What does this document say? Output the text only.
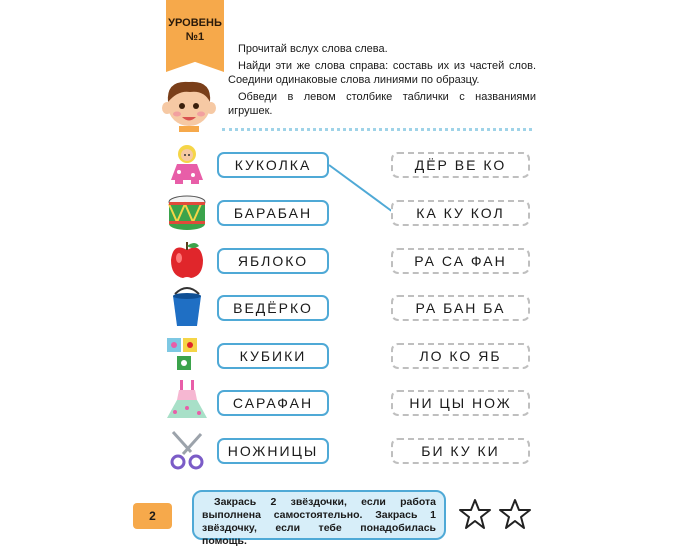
УРОВЕНЬ
№1

Прочитай вслух слова слева.

Найди эти же слова справа: составь их из частей слов. Соедини одинаковые слова линиями по образцу.

Обведи в левом столбике таблички с названиями игрушек.

КУКОЛКА
БАРАБАН
ЯБЛОКО
ВЕДЁРКО
КУБИКИ
САРАФАН
НОЖНИЦЫ
ДЁР ВЕ КО
КА КУ КОЛ
РА СА ФАН
РА БАН БА
ЛО КО ЯБ
НИ ЦЫ НОЖ
БИ КУ КИ
2
Закрась 2 звёздочки, если работа выполнена самостоятельно. Закрась 1 звёздочку, если тебе понадобилась помощь.
